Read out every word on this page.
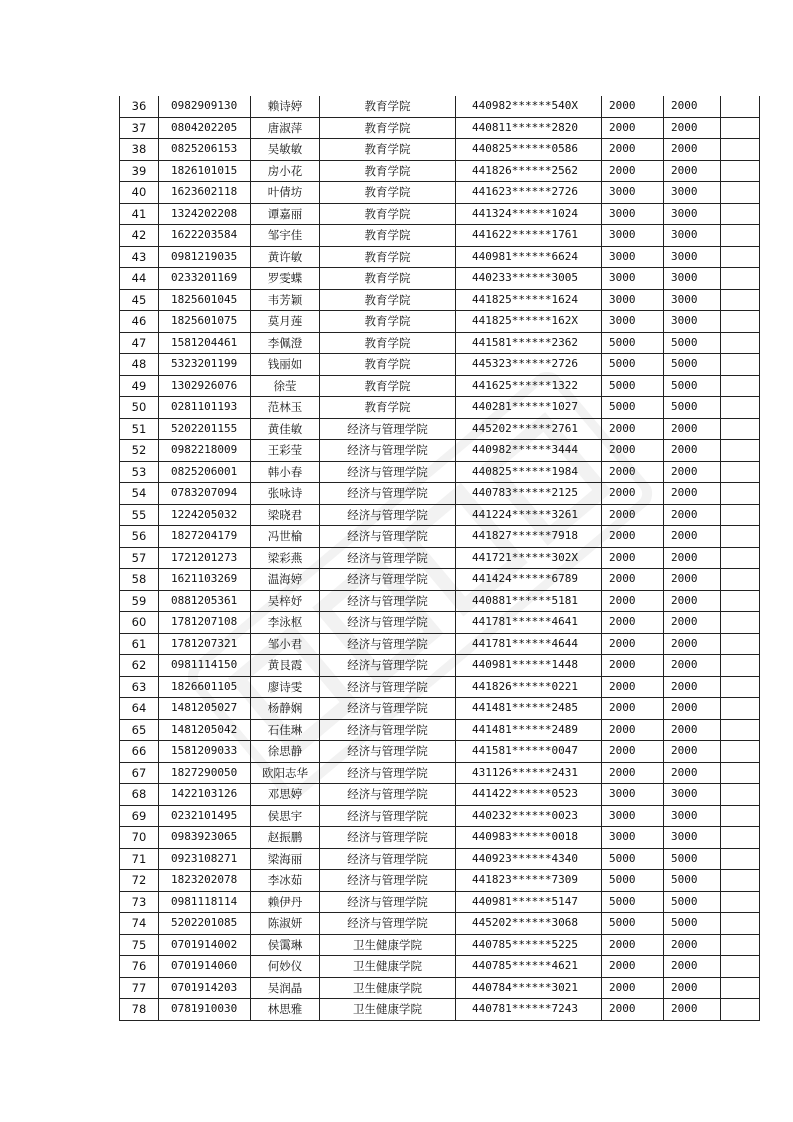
36	0982909130	赖诗婷	教育学院	440982******540X	2000	2000	
37	0804202205	唐淑萍	教育学院	440811******2820	2000	2000	
38	0825206153	吴敏敏	教育学院	440825******0586	2000	2000	
39	1826101015	房小花	教育学院	441826******2562	2000	2000	
40	1623602118	叶倩坊	教育学院	441623******2726	3000	3000	
41	1324202208	谭嘉丽	教育学院	441324******1024	3000	3000	
42	1622203584	邹宇佳	教育学院	441622******1761	3000	3000	
43	0981219035	黄许敏	教育学院	440981******6624	3000	3000	
44	0233201169	罗雯蝶	教育学院	440233******3005	3000	3000	
45	1825601045	韦芳颖	教育学院	441825******1624	3000	3000	
46	1825601075	莫月莲	教育学院	441825******162X	3000	3000	
47	1581204461	李佩澄	教育学院	441581******2362	5000	5000	
48	5323201199	钱丽如	教育学院	445323******2726	5000	5000	
49	1302926076	徐莹	教育学院	441625******1322	5000	5000	
50	0281101193	范林玉	教育学院	440281******1027	5000	5000	
51	5202201155	黄佳敏	经济与管理学院	445202******2761	2000	2000	
52	0982218009	王彩莹	经济与管理学院	440982******3444	2000	2000	
53	0825206001	韩小春	经济与管理学院	440825******1984	2000	2000	
54	0783207094	张咏诗	经济与管理学院	440783******2125	2000	2000	
55	1224205032	梁晓君	经济与管理学院	441224******3261	2000	2000	
56	1827204179	冯世榆	经济与管理学院	441827******7918	2000	2000	
57	1721201273	梁彩燕	经济与管理学院	441721******302X	2000	2000	
58	1621103269	温海婷	经济与管理学院	441424******6789	2000	2000	
59	0881205361	吴梓妤	经济与管理学院	440881******5181	2000	2000	
60	1781207108	李泳枢	经济与管理学院	441781******4641	2000	2000	
61	1781207321	邹小君	经济与管理学院	441781******4644	2000	2000	
62	0981114150	黄艮霞	经济与管理学院	440981******1448	2000	2000	
63	1826601105	廖诗雯	经济与管理学院	441826******0221	2000	2000	
64	1481205027	杨静娴	经济与管理学院	441481******2485	2000	2000	
65	1481205042	石佳琳	经济与管理学院	441481******2489	2000	2000	
66	1581209033	徐思静	经济与管理学院	441581******0047	2000	2000	
67	1827290050	欧阳志华	经济与管理学院	431126******2431	2000	2000	
68	1422103126	邓思婷	经济与管理学院	441422******0523	3000	3000	
69	0232101495	侯思宇	经济与管理学院	440232******0023	3000	3000	
70	0983923065	赵振鹏	经济与管理学院	440983******0018	3000	3000	
71	0923108271	梁海丽	经济与管理学院	440923******4340	5000	5000	
72	1823202078	李冰茹	经济与管理学院	441823******7309	5000	5000	
73	0981118114	赖伊丹	经济与管理学院	440981******5147	5000	5000	
74	5202201085	陈淑妍	经济与管理学院	445202******3068	5000	5000	
75	0701914002	侯霭琳	卫生健康学院	440785******5225	2000	2000	
76	0701914060	何妙仪	卫生健康学院	440785******4621	2000	2000	
77	0701914203	吴润晶	卫生健康学院	440784******3021	2000	2000	
78	0781910030	林思雅	卫生健康学院	440781******7243	2000	2000	
